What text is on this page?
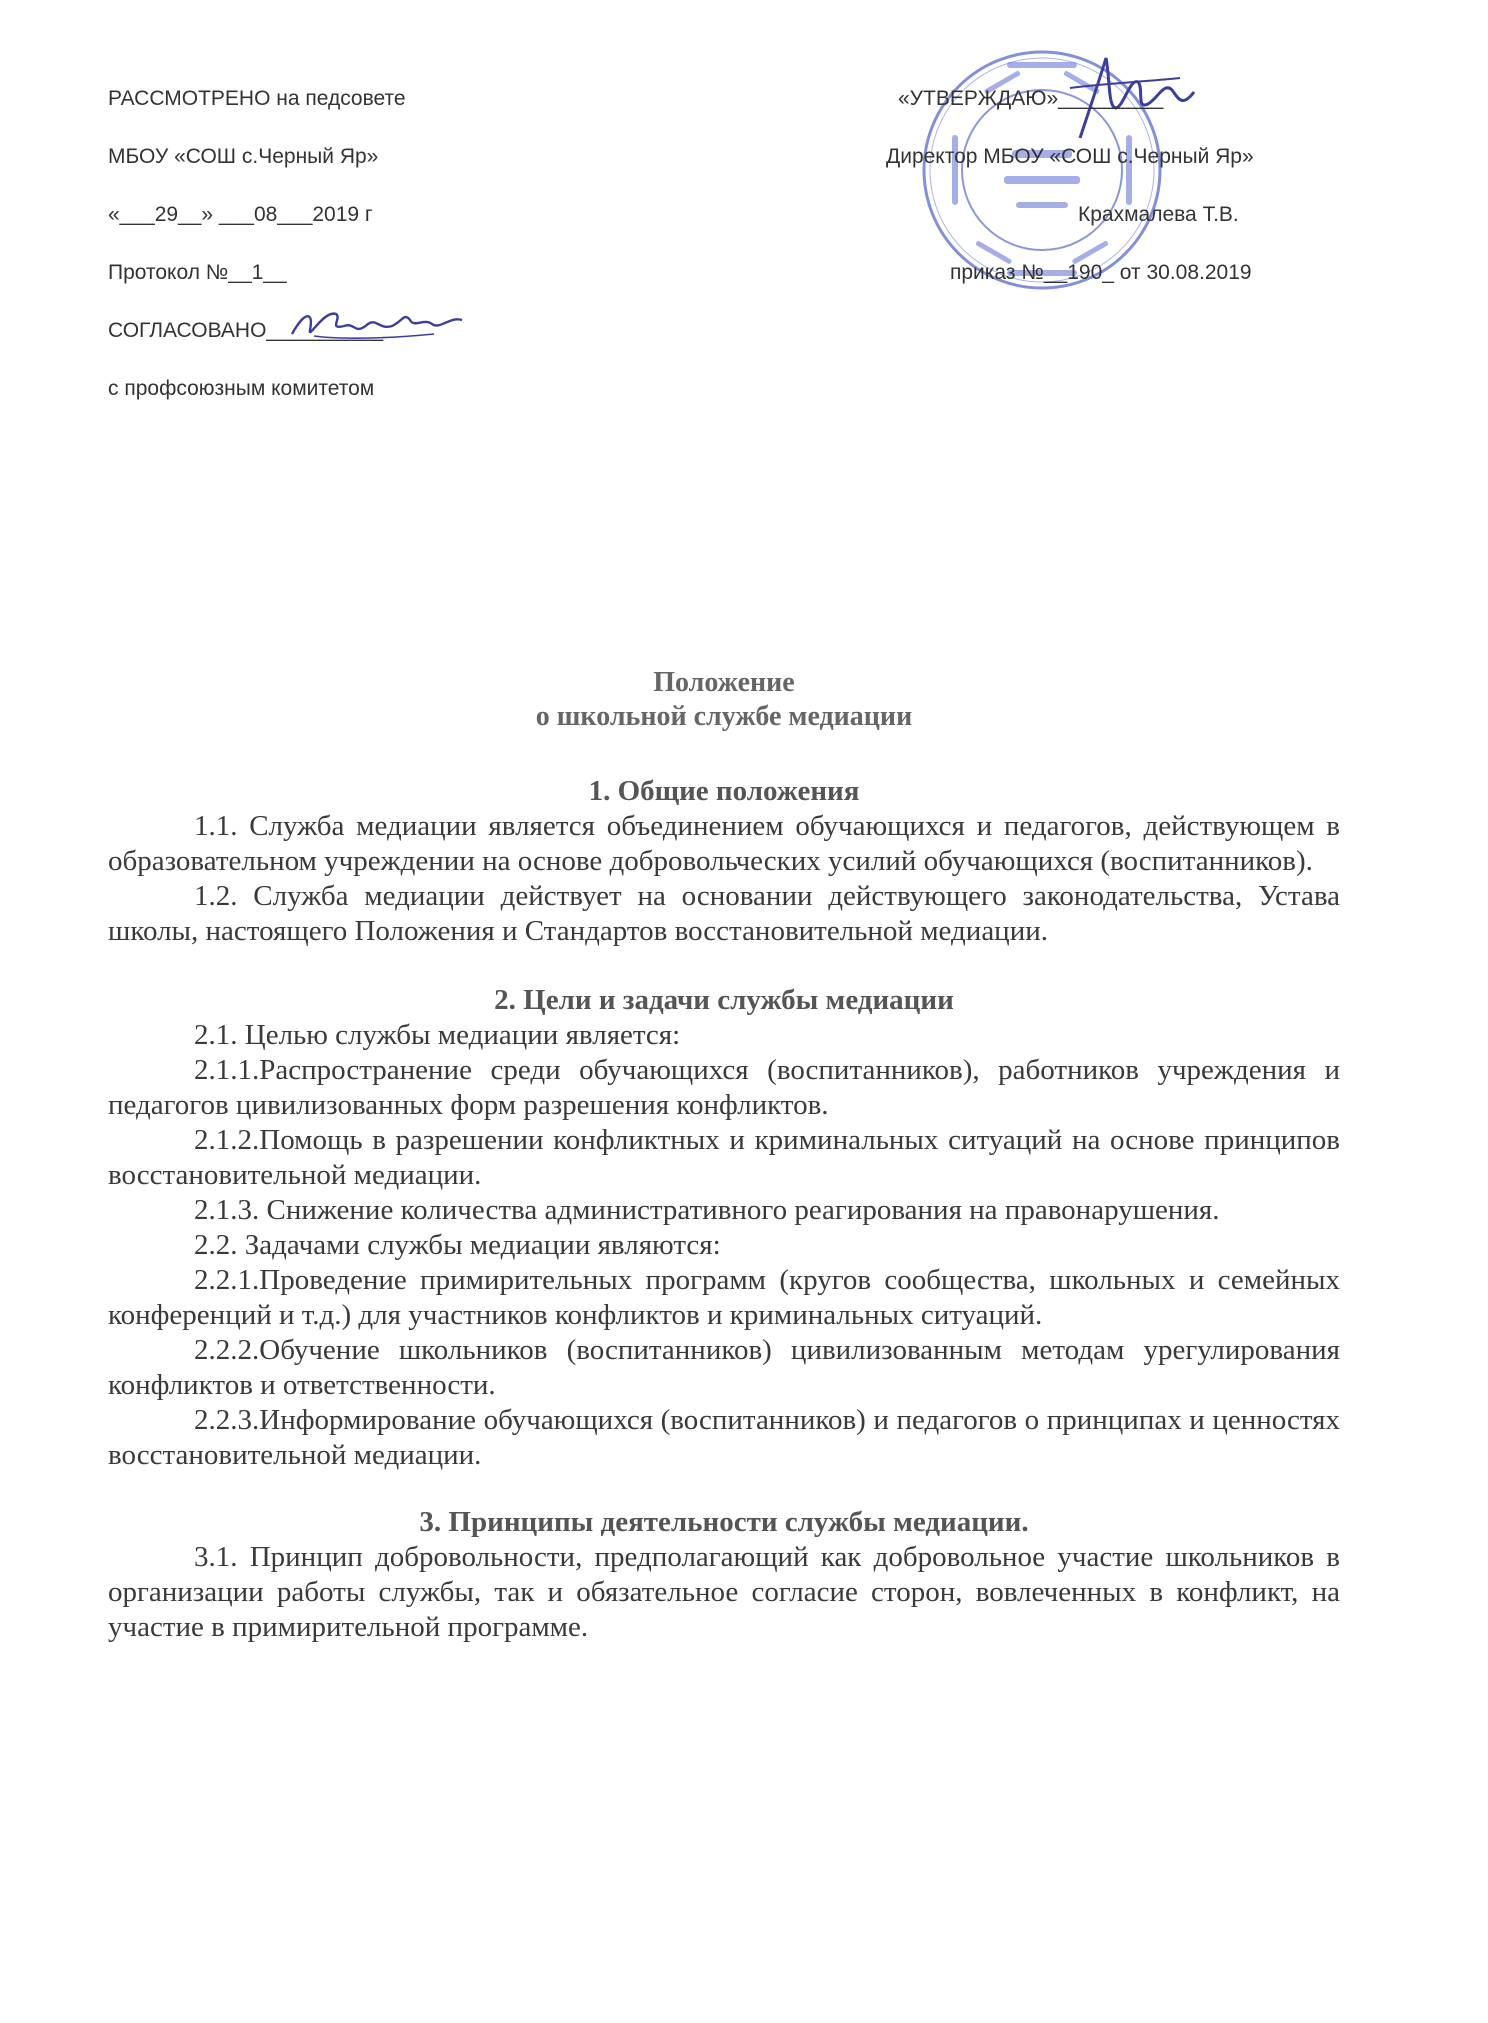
РАССМОТРЕНО на педсовете
МБОУ «СОШ с.Черный Яр»
«___29__» ___08___2019 г
Протокол №__1__
СОГЛАСОВАНО__________
с профсоюзным комитетом
«УТВЕРЖДАЮ»_________
Директор МБОУ «СОШ с.Черный Яр»
Крахмалева Т.В.
приказ №__190_ от 30.08.2019
Положение
о школьной службе медиации
1. Общие положения

1.1. Служба медиации является объединением обучающихся и педагогов, действующем в образовательном учреждении на основе добровольческих усилий обучающихся (воспитанников).

1.2. Служба медиации действует на основании действующего законодательства, Устава школы, настоящего Положения и Стандартов восстановительной медиации.

2. Цели и задачи службы медиации

2.1. Целью службы медиации является:

2.1.1.Распространение среди обучающихся (воспитанников), работников учреждения и педагогов цивилизованных форм разрешения конфликтов.

2.1.2.Помощь в разрешении конфликтных и криминальных ситуаций на основе принципов восстановительной медиации.

2.1.3. Снижение количества административного реагирования на правонарушения.

2.2. Задачами службы медиации являются:

2.2.1.Проведение примирительных программ (кругов сообщества, школьных и семейных конференций и т.д.) для участников конфликтов и криминальных ситуаций.

2.2.2.Обучение школьников (воспитанников) цивилизованным методам урегулирования конфликтов и ответственности.

2.2.3.Информирование обучающихся (воспитанников) и педагогов о принципах и ценностях восстановительной медиации.

3. Принципы деятельности службы медиации.

3.1. Принцип добровольности, предполагающий как добровольное участие школьников в организации работы службы, так и обязательное согласие сторон, вовлеченных в конфликт, на участие в примирительной программе.
